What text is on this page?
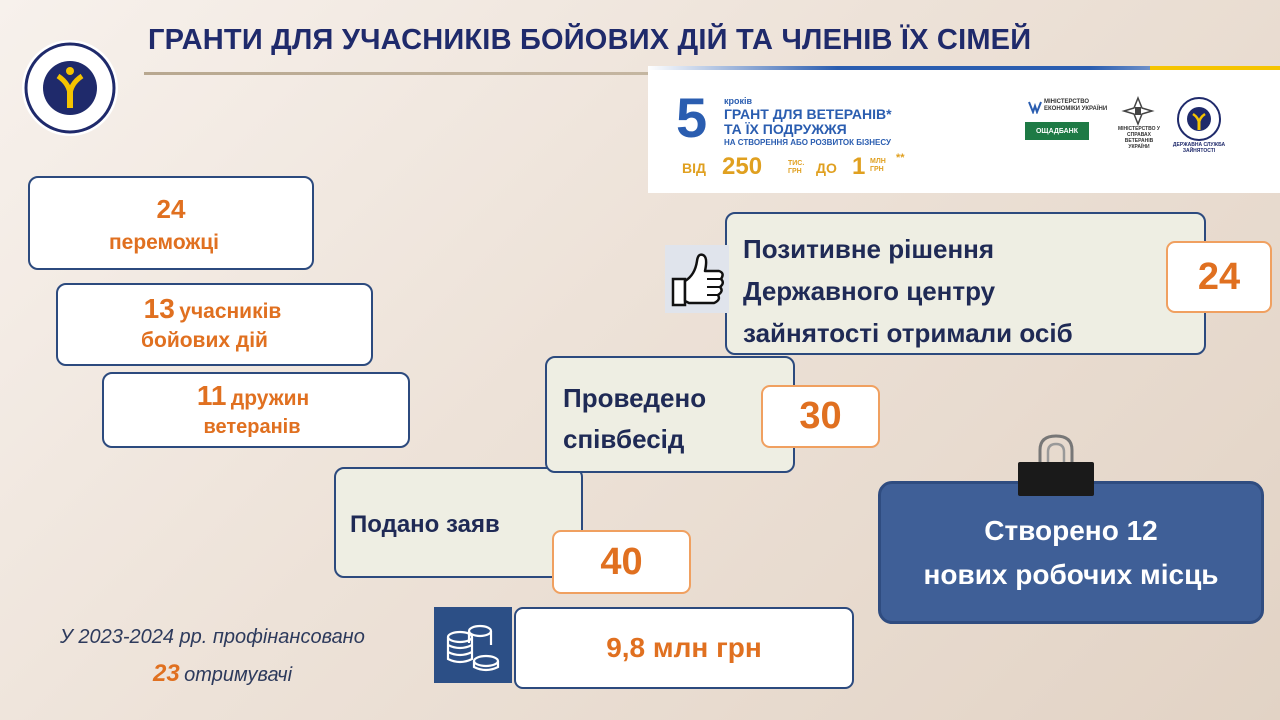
ГРАНТИ ДЛЯ УЧАСНИКІВ БОЙОВИХ ДІЙ ТА ЧЛЕНІВ ЇХ СІМЕЙ
5 кроків
ГРАНТ ДЛЯ ВЕТЕРАНІВ*
ТА ЇХ ПОДРУЖЖЯ
НА СТВОРЕННЯ АБО РОЗВИТОК БІЗНЕСУ
ВІД 250	ТИС. ГРН	ДО 1 МЛН ГРН
**
МІНІСТЕРСТВО ЕКОНОМІКИ УКРАЇНИ
ОЩАДБАНК	МІНІСТЕРСТВО У СПРАВАХ ВЕТЕРАНІВ УКРАЇНИ	ДЕРЖАВНА СЛУЖБА ЗАЙНЯТОСТІ
24
переможці
13 учасників
бойових дій
11 дружин
ветеранів
Подано заяв
40
Проведено
співбесід
30
Позитивне рішення
Державного центру
зайнятості отримали осіб
24
Створено 12
нових робочих місць
У 2023-2024 рр. профінансовано
23 отримувачі
9,8 млн грн
